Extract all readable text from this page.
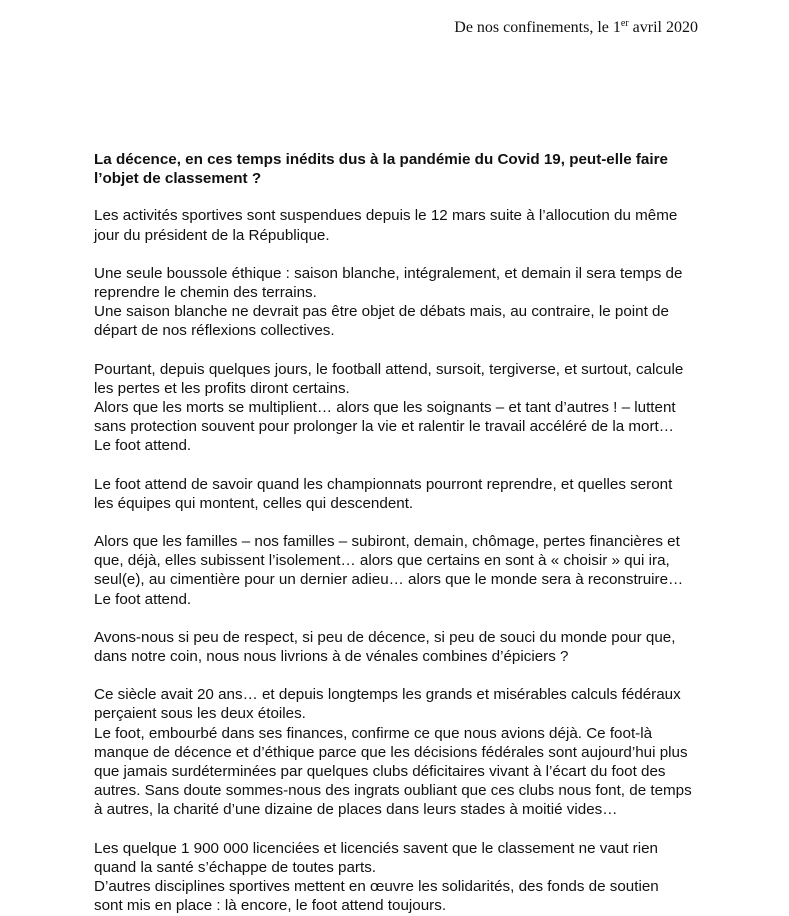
De nos confinements, le 1er avril 2020
La décence, en ces temps inédits dus à la pandémie du Covid 19, peut-elle faire
l’objet de classement ?
Les activités sportives sont suspendues depuis le 12 mars suite à l’allocution du même
jour du président de la République.
Une seule boussole éthique : saison blanche, intégralement, et demain il sera temps de
reprendre le chemin des terrains.
Une saison blanche ne devrait pas être objet de débats mais, au contraire, le point de
départ de nos réflexions collectives.
Pourtant, depuis quelques jours, le football attend, sursoit, tergiverse, et surtout, calcule
les pertes et les profits diront certains.
Alors que les morts se multiplient… alors que les soignants – et tant d’autres ! – luttent
sans protection souvent pour prolonger la vie et ralentir le travail accéléré de la mort…
Le foot attend.
Le foot attend de savoir quand les championnats pourront reprendre, et quelles seront
les équipes qui montent, celles qui descendent.
Alors que les familles – nos familles – subiront, demain, chômage, pertes financières et
que, déjà, elles subissent l’isolement… alors que certains en sont à « choisir » qui ira,
seul(e), au cimentière pour un dernier adieu… alors que le monde sera à reconstruire…
Le foot attend.
Avons-nous si peu de respect, si peu de décence, si peu de souci du monde pour que,
dans notre coin, nous nous livrions à de vénales combines d’épiciers ?
Ce siècle avait 20 ans… et depuis longtemps les grands et misérables calculs fédéraux
perçaient sous les deux étoiles.
Le foot, embourbé dans ses finances, confirme ce que nous avions déjà. Ce foot-là
manque de décence et d’éthique parce que les décisions fédérales sont aujourd’hui plus
que jamais surdéterminées par quelques clubs déficitaires vivant à l’écart du foot des
autres. Sans doute sommes-nous des ingrats oubliant que ces clubs nous font, de temps
à autres, la charité d’une dizaine de places dans leurs stades à moitié vides…
Les quelque 1 900 000 licenciées et licenciés savent que le classement ne vaut rien
quand la santé s’échappe de toutes parts.
D’autres disciplines sportives mettent en œuvre les solidarités, des fonds de soutien
sont mis en place : là encore, le foot attend toujours.
